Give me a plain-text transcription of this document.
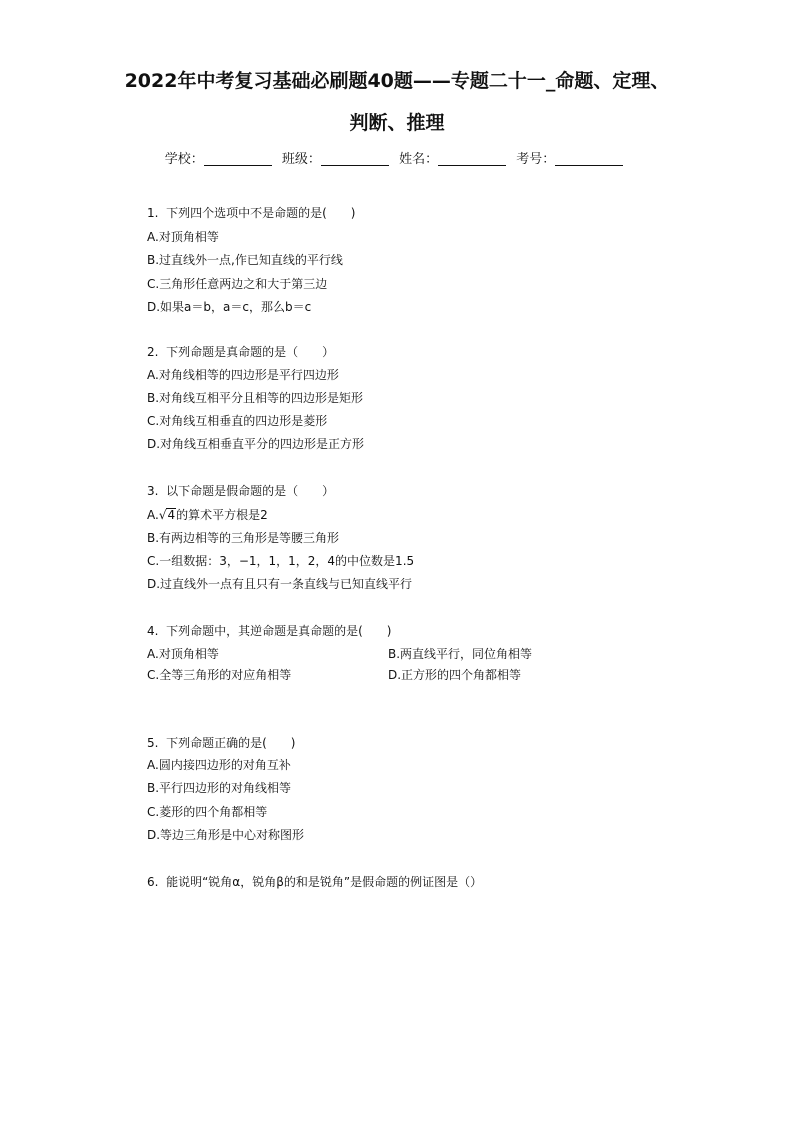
2022年中考复习基础必刷题40题——专题二十一_命题、定理、
判断、推理
学校：	班级：	姓名：	考号：
1.  下列四个选项中不是命题的是(　　)
A.对顶角相等
B.过直线外一点,作已知直线的平行线
C.三角形任意两边之和大于第三边
D.如果a＝b，a＝c，那么b＝c
2.  下列命题是真命题的是（　　）
A.对角线相等的四边形是平行四边形
B.对角线互相平分且相等的四边形是矩形
C.对角线互相垂直的四边形是菱形
D.对角线互相垂直平分的四边形是正方形
3.  以下命题是假命题的是（　　）
A.√4的算术平方根是2
B.有两边相等的三角形是等腰三角形
C.一组数据：3，−1，1，1，2，4的中位数是1.5
D.过直线外一点有且只有一条直线与已知直线平行
4.  下列命题中，其逆命题是真命题的是(　　)
A.对顶角相等	B.两直线平行，同位角相等
C.全等三角形的对应角相等	D.正方形的四个角都相等
5.  下列命题正确的是(　　)
A.圆内接四边形的对角互补
B.平行四边形的对角线相等
C.菱形的四个角都相等
D.等边三角形是中心对称图形
6.  能说明“锐角α，锐角β的和是锐角”是假命题的例证图是（）
